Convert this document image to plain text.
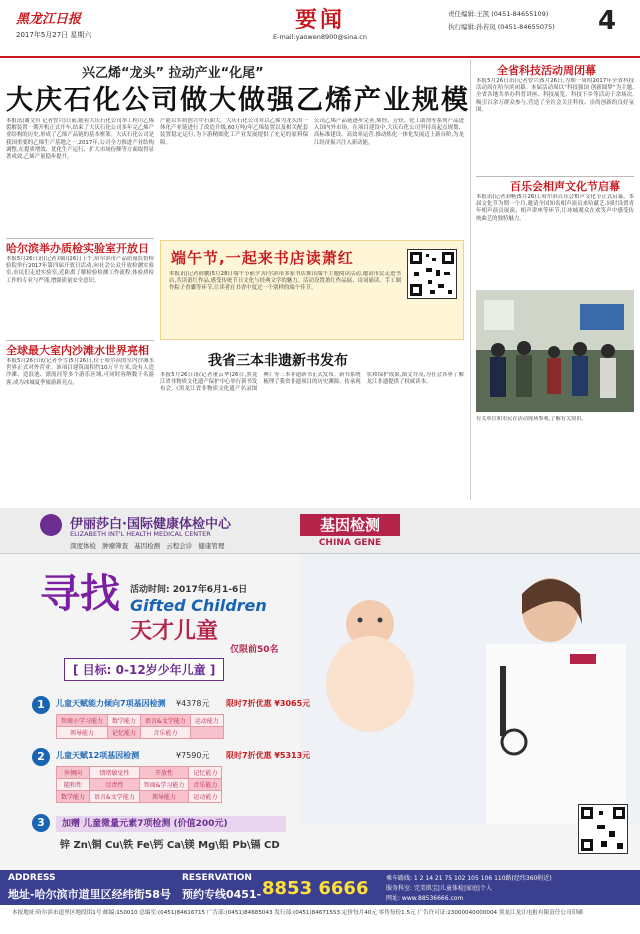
黑龙江日报
2017年5月27日 星期六
要闻
E-mail:yaowen8900@sina.cn
责任编辑:王凯 (0451-84655109)
执行编辑:孙若凤 (0451-84655075) 4
兴乙烯“龙头” 拉动产业“化尾”
大庆石化公司做大做强乙烯产业规模
本报讯(谢文有 记者曾兴)日前,随着大庆石化公司举工程司乙烯裂解装置一期开机正式开车,结束了大庆石化公司多年完乙烯产业结构的历史,形成了乙烯产品链的基本框架。大庆石化公司是我国重要的乙烯生产基地之一,2017年,公司全力推进产业结构调整,在提质增效、优化生产运行、扩大市场份额等方面取得显著成效,乙烯产量稳步提升。
产能以实质创兴中石油大。大庆石化公司对以乙烯为龙头的一体化产业链进行了改造升级,60万吨/年乙烯装置以及相关配套装置稳定运行,为下游精细化工产业发展提供了充足的原料保障。
公司乙烯产品链逐步完善,烯烃、芳烃、化工助剂等系列产品进入国内外市场。在项目建设中,大庆石化公司坚持高起点规划、高标准建设、高效率运营,推动炼化一体化发展迈上新台阶,为龙江经济振兴注入新动能。
哈尔滨举办质检实验室开放日
本报5月26日讯(记者刘阳)26日上午,哈尔滨市产品质量监督检验院举行2017年第四届开放日活动,向社会公众开放检测实验室,市民们走进实验室,近距离了解检验检测工作流程,体验质检工作的专业与严谨,增强质量安全意识。
全球最大室内沙滩水世界亮相
本报5月26日讯(记者李雪)5月26日,位于哈尔滨的室内沙滩水世界正式对外营业。该项目建筑面积约10万平方米,设有人造沙滩、造浪池、漂流河等多个游乐区域,可同时容纳数千名游客,成为冰城夏季旅游新亮点。
端午节,一起来书店读萧红
本报讯(记者薛鹏)5月28日端午节前夕,哈尔滨市多家书店推出端午主题阅读活动,邀请市民走进书店,共读萧红作品,感受传统节日文化与经典文学的魅力。活动设置萧红作品展、诗词诵读、手工制作粽子香囊等环节,让读者在书香中度过一个别样的端午佳节。
我省三本非遗新书发布
本报5月26日讯(记者董云华)26日,黑龙江省非物质文化遗产保护中心举行新书发布会,《黑龙江省非物质文化遗产名录图典》等三本非遗新书正式发布。新书系统梳理了我省非遗项目的历史渊源、传承现状和保护成果,图文并茂,为社会各界了解龙江非遗提供了权威读本。
全省科技活动周闭幕
本报5月26日讯(记者曾兴)5月26日,为期一周的2017年全省科技活动周在哈尔滨闭幕。本届活动周以“科技强国 创新圆梦”为主题,全省各地共举办科普讲座、科技展览、科技下乡等活动千余场次,吸引百余万群众参与,营造了全社会关注科技、崇尚创新的良好氛围。
百乐会相声文化节启幕
本报讯(记者刘畅)5月26日,哈尔滨百乐会相声文化节正式启幕。本届文化节为期一个月,邀请全国知名相声演员来哈献艺,同时设置青年相声演员展演、相声讲座等环节,让冰城观众在欢笑声中感受传统曲艺的独特魅力。
有关单位和市民在活动现场参观,了解有关知识。
伊丽莎白·国际健康体检中心
ELIZABETH INT'L HEALTH MEDICAL CENTER
深度体检 肿瘤筛查 基因检测 云程会诊 健康管理
基因检测
CHINA GENE
寻找 活动时间: 2017年6月1-6日
Gifted Children
天才儿童
仅限前50名
[ 目标: 0-12岁少年儿童 ]
1	儿童天赋能力倾向7项基因检测 ¥4378元 限时7折优惠 ¥3065元
智商小学习能力	数学能力	语言&文学能力	运动能力
领导能力	记忆能力	音乐能力	
2	儿童天赋12项基因检测	¥7590元 限时7折优惠 ¥5313元
外倾向	情绪敏觉性	开放性	记忆能力
随和性	尽责性	智商&学习能力	音乐能力
数学能力	语言&文学能力	领导能力	运动能力
3	加赠 儿童微量元素7项检测 (价值200元)
锌 Zn\铜 Cu\铁 Fe\钙 Ca\镁 Mg\铅 Pb\镉 CD
ADDRESS
地址-哈尔滨市道里区经纬街58号
RESERVATION
预约专线0451- 8853 6666	乘车路线: 1 2 14 21 75 102 105 106 110路(经纬360附近)
服务科室: 完美肌宝|儿童体检|家庭|个人
网址: www.88536666.com
本报地址:哈尔滨市道里区地段街1号 邮编:150010 总编室:(0451)84616715 广告部:(0451)84685043 发行部:(0451)84671553 定价每月40元 零售每份1.5元 广告许可证:23000040000004 黑龙江龙江电报有限责任公司印刷
